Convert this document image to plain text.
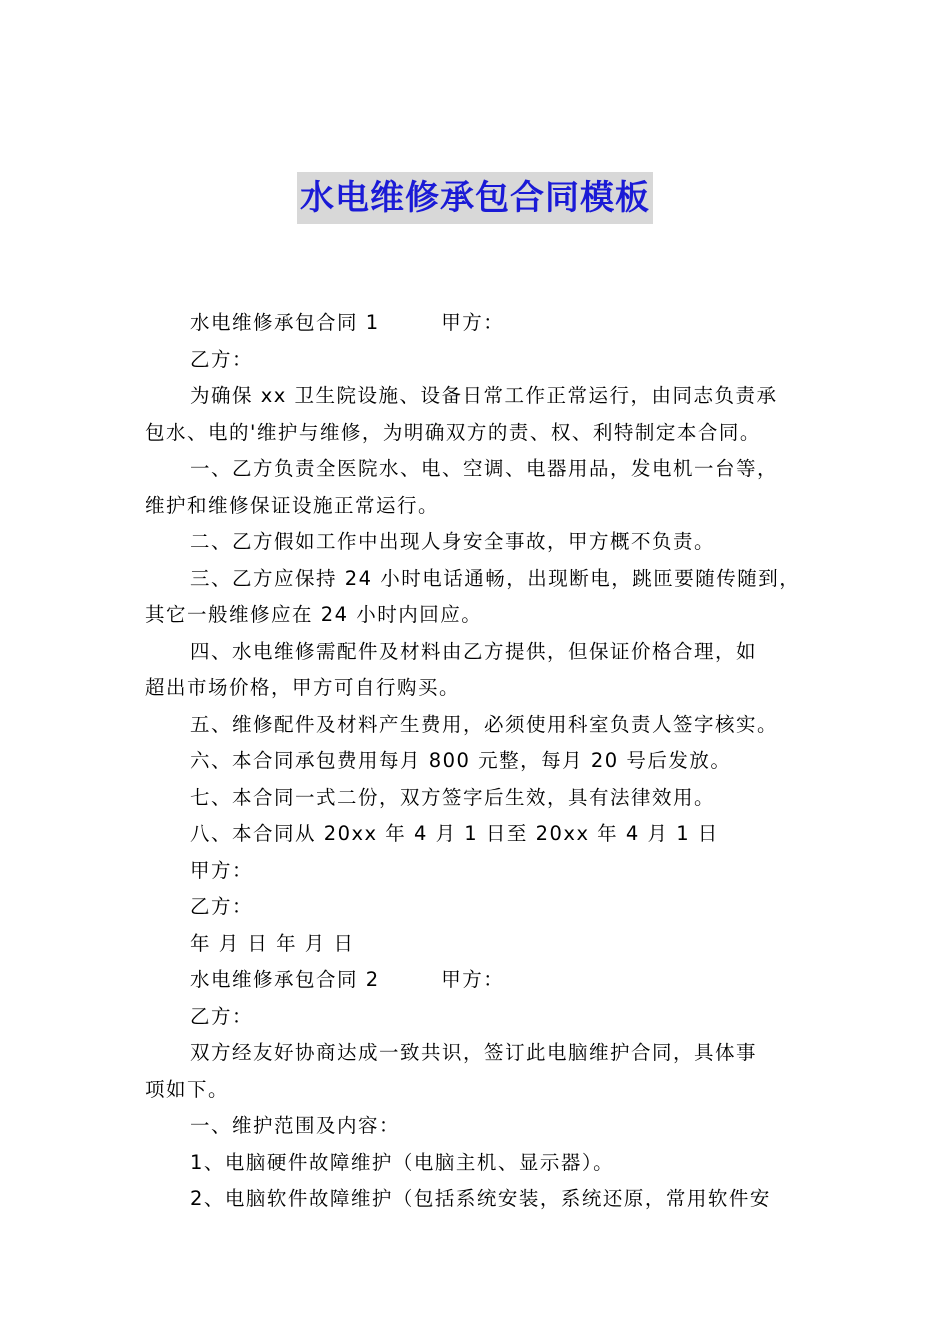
水电维修承包合同模板
水电维修承包合同 1        甲方：
乙方：
为确保 xx 卫生院设施、设备日常工作正常运行，由同志负责承
包水、电的'维护与维修，为明确双方的责、权、利特制定本合同。
一、乙方负责全医院水、电、空调、电器用品，发电机一台等，
维护和维修保证设施正常运行。
二、乙方假如工作中出现人身安全事故，甲方概不负责。
三、乙方应保持 24 小时电话通畅，出现断电，跳匝要随传随到，
其它一般维修应在 24 小时内回应。
四、水电维修需配件及材料由乙方提供，但保证价格合理，如
超出市场价格，甲方可自行购买。
五、维修配件及材料产生费用，必须使用科室负责人签字核实。
六、本合同承包费用每月 800 元整，每月 20 号后发放。
七、本合同一式二份，双方签字后生效，具有法律效用。
八、本合同从 20xx 年 4 月 1 日至 20xx 年 4 月 1 日
甲方：
乙方：
年 月 日 年 月 日
水电维修承包合同 2        甲方：
乙方：
双方经友好协商达成一致共识，签订此电脑维护合同，具体事
项如下。
一、维护范围及内容：
1、电脑硬件故障维护（电脑主机、显示器）。
2、电脑软件故障维护（包括系统安装，系统还原，常用软件安
